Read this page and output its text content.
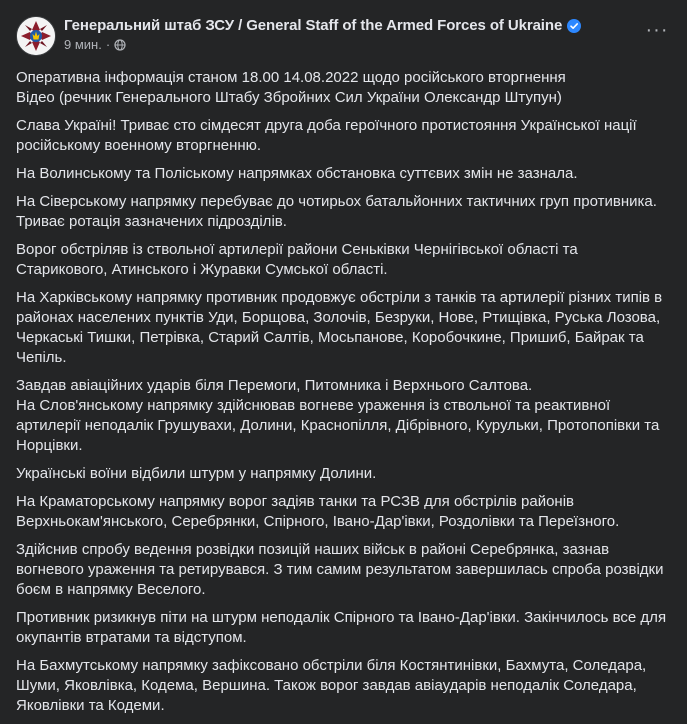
Генеральний штаб ЗСУ / General Staff of the Armed Forces of Ukraine
9 мин. ·
···

Оперативна інформація станом 18.00 14.08.2022 щодо російського вторгнення
Відео (речник Генерального Штабу Збройних Сил України Олександр Штупун)

Слава Україні! Триває сто сімдесят друга доба героїчного протистояння Української нації російському военному вторгненню.

На Волинському та Поліському напрямках обстановка суттєвих змін не зазнала.

На Сіверському напрямку перебуває до чотирьох батальйонних тактичних груп противника. Триває ротація зазначених підрозділів.

Ворог обстріляв із ствольної артилерії райони Сеньківки Чернігівської області та Старикового, Атинського і Журавки Сумської області.

На Харківському напрямку противник продовжує обстріли з танків та артилерії різних типів в районах населених пунктів Уди, Борщова, Золочів, Безруки, Нове, Ртищівка, Руська Лозова, Черкаські Тишки, Петрівка, Старий Салтів, Мосьпанове, Коробочкине, Пришиб, Байрак та Чепіль.

Завдав авіаційних ударів біля Перемоги, Питомника і Верхнього Салтова.
На Слов'янському напрямку здійснював вогневе ураження із ствольної та реактивної артилерії неподалік Грушувахи, Долини, Краснопілля, Дібрівного, Курульки, Протопопівки та Норцівки.

Українські воїни відбили штурм у напрямку Долини.

На Краматорському напрямку ворог задіяв танки та РСЗВ для обстрілів районів Верхньокам'янського, Серебрянки, Спірного, Івано-Дар'івки, Роздолівки та Переїзного.

Здійснив спробу ведення розвідки позицій наших військ в районі Серебрянка, зазнав вогневого ураження та ретирувався. З тим самим результатом завершилась спроба розвідки боєм в напрямку Веселого.

Противник ризикнув піти на штурм неподалік Спірного та Івано-Дар'івки. Закінчилось все для окупантів втратами та відступом.

На Бахмутському напрямку зафіксовано обстріли біля Костянтинівки, Бахмута, Соледара, Шуми, Яковлівка, Кодема, Вершина. Також ворог завдав авіаударів неподалік Соледара, Яковлівки та Кодеми.
